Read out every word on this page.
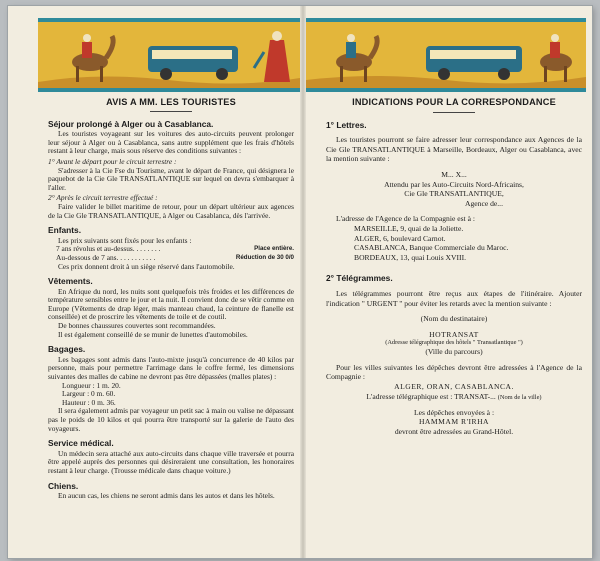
AVIS A MM. LES TOURISTES
Séjour prolongé à Alger ou à Casablanca.

Les touristes voyageant sur les voitures des auto-circuits peuvent prolonger leur séjour à Alger ou à Casablanca, sans autre supplément que les frais d'hôtels restant à leur charge, mais sous réserve des conditions suivantes :

1° Avant le départ pour le circuit terrestre :

S'adresser à la Cie Fse du Tourisme, avant le départ de France, qui désignera le paquebot de la Cie Gle TRANSATLANTIQUE sur lequel on devra s'embarquer à l'aller.

2° Après le circuit terrestre effectué :

Faire valider le billet maritime de retour, pour un départ ultérieur aux agences de la Cie Gle TRANSATLANTIQUE, à Alger ou Casablanca, dès l'arrivée.

Enfants.

Les prix suivants sont fixés pour les enfants :

7 ans révolus et au-dessus. . . . . . . .	Place entière.
Au-dessous de 7 ans. . . . . . . . . . .	Réduction de 30 0/0

Ces prix donnent droit à un siège réservé dans l'automobile.

Vêtements.

En Afrique du nord, les nuits sont quelquefois très froides et les différences de température sensibles entre le jour et la nuit. Il convient donc de se vêtir comme en Europe (Vêtements de drap léger, mais manteau chaud, la ceinture de flanelle est conseillée) et de proscrire les vêtements de toile et de coutil.

De bonnes chaussures couvertes sont recommandées.

Il est également conseillé de se munir de lunettes d'automobiles.

Bagages.

Les bagages sont admis dans l'auto-mixte jusqu'à concurrence de 40 kilos par personne, mais pour permettre l'arrimage dans le coffre fermé, les dimensions suivantes des malles de cabine ne devront pas être dépassées (malles plates) :

Longueur : 1 m. 20.

Largeur : 0 m. 60.

Hauteur : 0 m. 36.

Il sera également admis par voyageur un petit sac à main ou valise ne dépassant pas le poids de 10 kilos et qui pourra être transporté sur la galerie de l'auto des voyageurs.

Service médical.

Un médecin sera attaché aux auto-circuits dans chaque ville traversée et pourra être appelé auprès des personnes qui désireraient une consultation, les honoraires restant à leur charge. (Trousse médicale dans chaque voiture.)

Chiens.

En aucun cas, les chiens ne seront admis dans les autos et dans les hôtels.

INDICATIONS POUR LA CORRESPONDANCE
1° Lettres.

Les touristes pourront se faire adresser leur correspondance aux Agences de la Cie Gle TRANSATLANTIQUE à Marseille, Bordeaux, Alger ou Casablanca, avec la mention suivante :

M... X...

Attendu par les Auto-Circuits Nord-Africains,

Cie Gle TRANSATLANTIQUE,

Agence de...

L'adresse de l'Agence de la Compagnie est à :

MARSEILLE, 9, quai de la Joliette.

ALGER, 6, boulevard Carnot.

CASABLANCA, Banque Commerciale du Maroc.

BORDEAUX, 13, quai Louis XVIII.

2° Télégrammes.

Les télégrammes pourront être reçus aux étapes de l'itinéraire. Ajouter l'indication " URGENT " pour éviter les retards avec la mention suivante :

(Nom du destinataire)

HOTRANSAT

(Adresse télégraphique des hôtels " Transatlantique ")

(Ville du parcours)

Pour les villes suivantes les dépêches devront être adressées à l'Agence de la Compagnie :

ALGER, ORAN, CASABLANCA.

L'adresse télégraphique est : TRANSAT-... (Nom de la ville)

Les dépêches envoyées à :

HAMMAM R'IRHA

devront être adressées au Grand-Hôtel.
